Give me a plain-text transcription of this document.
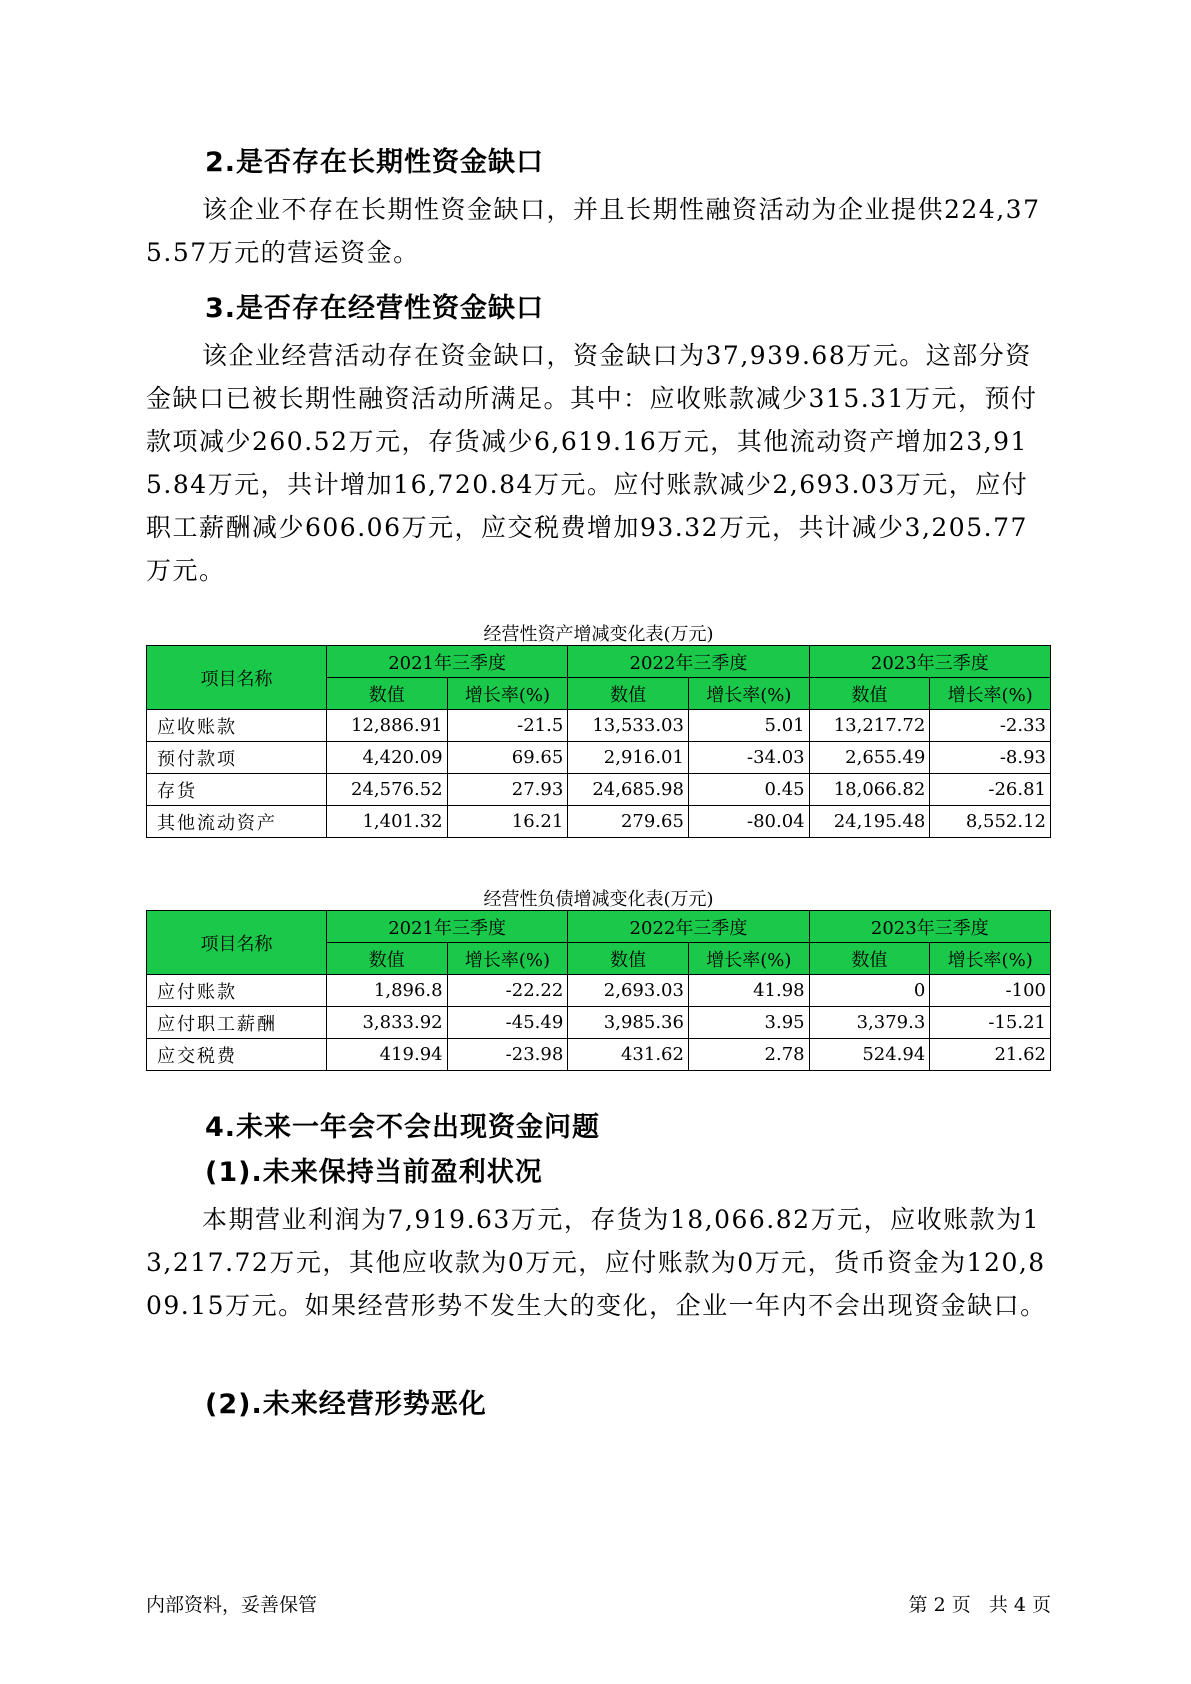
2.是否存在长期性资金缺口

该企业不存在长期性资金缺口，并且长期性融资活动为企业提供224,375.57万元的营运资金。

3.是否存在经营性资金缺口

该企业经营活动存在资金缺口，资金缺口为37,939.68万元。这部分资金缺口已被长期性融资活动所满足。其中：应收账款减少315.31万元，预付款项减少260.52万元，存货减少6,619.16万元，其他流动资产增加23,915.84万元，共计增加16,720.84万元。应付账款减少2,693.03万元，应付职工薪酬减少606.06万元，应交税费增加93.32万元，共计减少3,205.77万元。

经营性资产增减变化表(万元)

项目名称	2021年三季度		2022年三季度		2023年三季度	
	数值	增长率(%)	数值	增长率(%)	数值	增长率(%)
应收账款	12,886.91	-21.5	13,533.03	5.01	13,217.72	-2.33
预付款项	4,420.09	69.65	2,916.01	-34.03	2,655.49	-8.93
存货	24,576.52	27.93	24,685.98	0.45	18,066.82	-26.81
其他流动资产	1,401.32	16.21	279.65	-80.04	24,195.48	8,552.12

经营性负债增减变化表(万元)

项目名称	2021年三季度		2022年三季度		2023年三季度	
	数值	增长率(%)	数值	增长率(%)	数值	增长率(%)
应付账款	1,896.8	-22.22	2,693.03	41.98	0	-100
应付职工薪酬	3,833.92	-45.49	3,985.36	3.95	3,379.3	-15.21
应交税费	419.94	-23.98	431.62	2.78	524.94	21.62
4.未来一年会不会出现资金问题
(1).未来保持当前盈利状况

本期营业利润为7,919.63万元，存货为18,066.82万元，应收账款为13,217.72万元，其他应收款为0万元，应付账款为0万元，货币资金为120,809.15万元。如果经营形势不发生大的变化，企业一年内不会出现资金缺口。

(2).未来经营形势恶化

内部资料，妥善保管	第 2 页   共 4 页
